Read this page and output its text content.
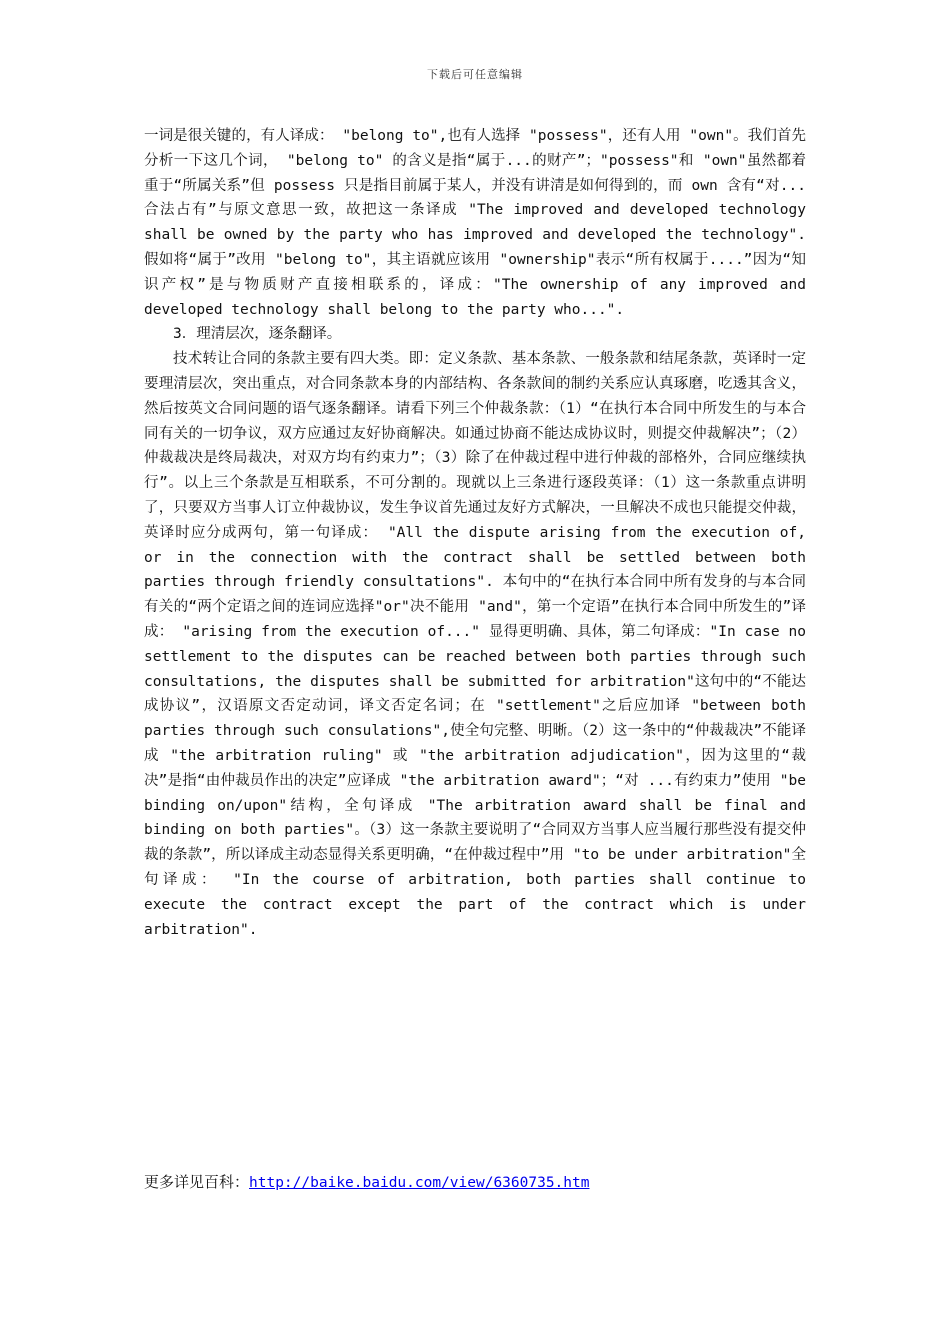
下载后可任意编辑

一词是很关键的，有人译成： "belong to",也有人选择 "possess"，还有人用 "own"。我们首先分析一下这几个词， "belong to" 的含义是指“属于...的财产”；"possess"和 "own"虽然都着重于“所属关系”但 possess 只是指目前属于某人，并没有讲清是如何得到的，而 own 含有“对...合法占有”与原文意思一致，故把这一条译成 "The improved and developed technology shall be owned by the party who has improved and developed the technology". 假如将“属于”改用 "belong to"，其主语就应该用 "ownership"表示“所有权属于....”因为“知识产权”是与物质财产直接相联系的，译成："The ownership of any improved and developed technology shall belong to the party who...".

3．理清层次，逐条翻译。

技术转让合同的条款主要有四大类。即：定义条款、基本条款、一般条款和结尾条款，英译时一定要理清层次，突出重点，对合同条款本身的内部结构、各条款间的制约关系应认真琢磨，吃透其含义，然后按英文合同问题的语气逐条翻译。请看下列三个仲裁条款：（1）“在执行本合同中所发生的与本合同有关的一切争议，双方应通过友好协商解决。如通过协商不能达成协议时，则提交仲裁解决”；（2）仲裁裁决是终局裁决，对双方均有约束力”；（3）除了在仲裁过程中进行仲裁的部格外，合同应继续执行”。以上三个条款是互相联系，不可分割的。现就以上三条进行逐段英译：（1）这一条款重点讲明了，只要双方当事人订立仲裁协议，发生争议首先通过友好方式解决，一旦解决不成也只能提交仲裁，英译时应分成两句，第一句译成： "All the dispute arising from the execution of, or in the connection with the contract shall be settled between both parties through friendly consultations". 本句中的“在执行本合同中所有发身的与本合同有关的“两个定语之间的连词应选择"or"决不能用 "and"，第一个定语”在执行本合同中所发生的”译成： "arising from the execution of..." 显得更明确、具体，第二句译成："In case no settlement to the disputes can be reached between both parties through such consultations, the disputes shall be submitted for arbitration"这句中的“不能达成协议”，汉语原文否定动词，译文否定名词；在 "settlement"之后应加译 "between both parties through such consulations",使全句完整、明晰。（2）这一条中的“仲裁裁决”不能译成 "the arbitration ruling" 或 "the arbitration adjudication"，因为这里的“裁决”是指“由仲裁员作出的决定”应译成 "the arbitration award"；“对 ...有约束力”使用 "be binding on/upon"结构，全句译成 "The arbitration award shall be final and binding on both parties"。（3）这一条款主要说明了“合同双方当事人应当履行那些没有提交仲裁的条款”，所以译成主动态显得关系更明确，“在仲裁过程中”用 "to be under arbitration"全句译成： "In the course of arbitration, both parties shall continue to execute the contract except the part of the contract which is under arbitration".

更多详见百科：http://baike.baidu.com/view/6360735.htm
